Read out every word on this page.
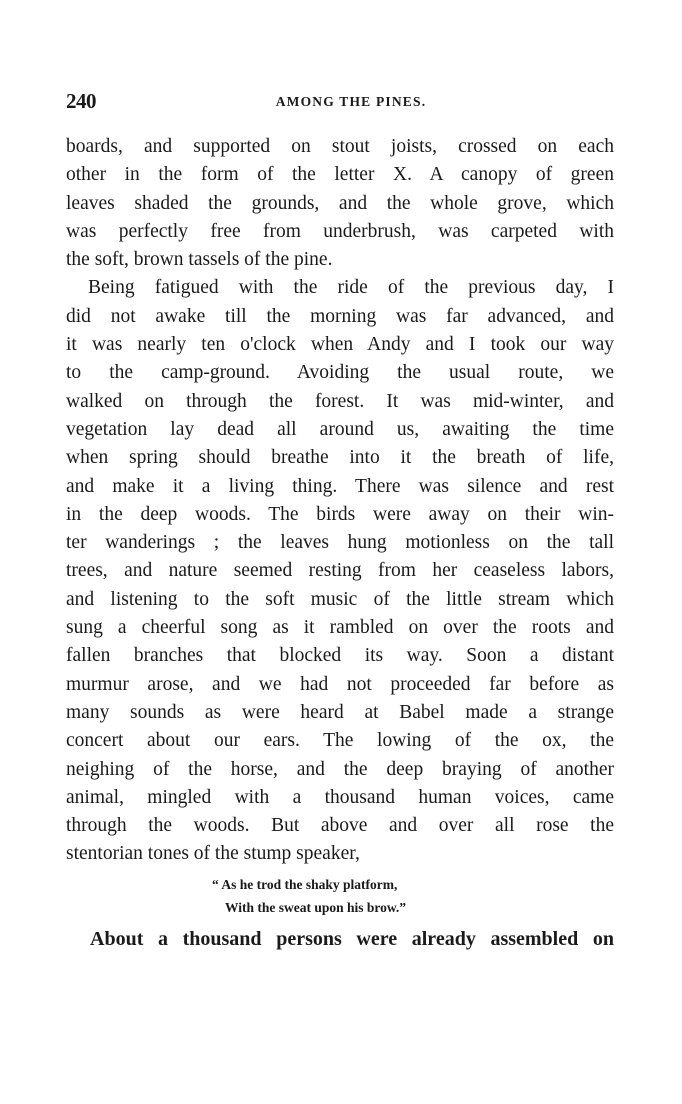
240	AMONG THE PINES.
boards, and supported on stout joists, crossed on each
other in the form of the letter X. A canopy of green
leaves shaded the grounds, and the whole grove, which
was perfectly free from underbrush, was carpeted with
the soft, brown tassels of the pine.
Being fatigued with the ride of the previous day, I
did not awake till the morning was far advanced, and
it was nearly ten o'clock when Andy and I took our way
to the camp-ground. Avoiding the usual route, we
walked on through the forest. It was mid-winter, and
vegetation lay dead all around us, awaiting the time
when spring should breathe into it the breath of life,
and make it a living thing. There was silence and rest
in the deep woods. The birds were away on their win-
ter wanderings ; the leaves hung motionless on the tall
trees, and nature seemed resting from her ceaseless labors,
and listening to the soft music of the little stream which
sung a cheerful song as it rambled on over the roots and
fallen branches that blocked its way. Soon a distant
murmur arose, and we had not proceeded far before as
many sounds as were heard at Babel made a strange
concert about our ears. The lowing of the ox, the
neighing of the horse, and the deep braying of another
animal, mingled with a thousand human voices, came
through the woods. But above and over all rose the
stentorian tones of the stump speaker,
“ As he trod the shaky platform,
With the sweat upon his brow.”
About a thousand persons were already assembled on
